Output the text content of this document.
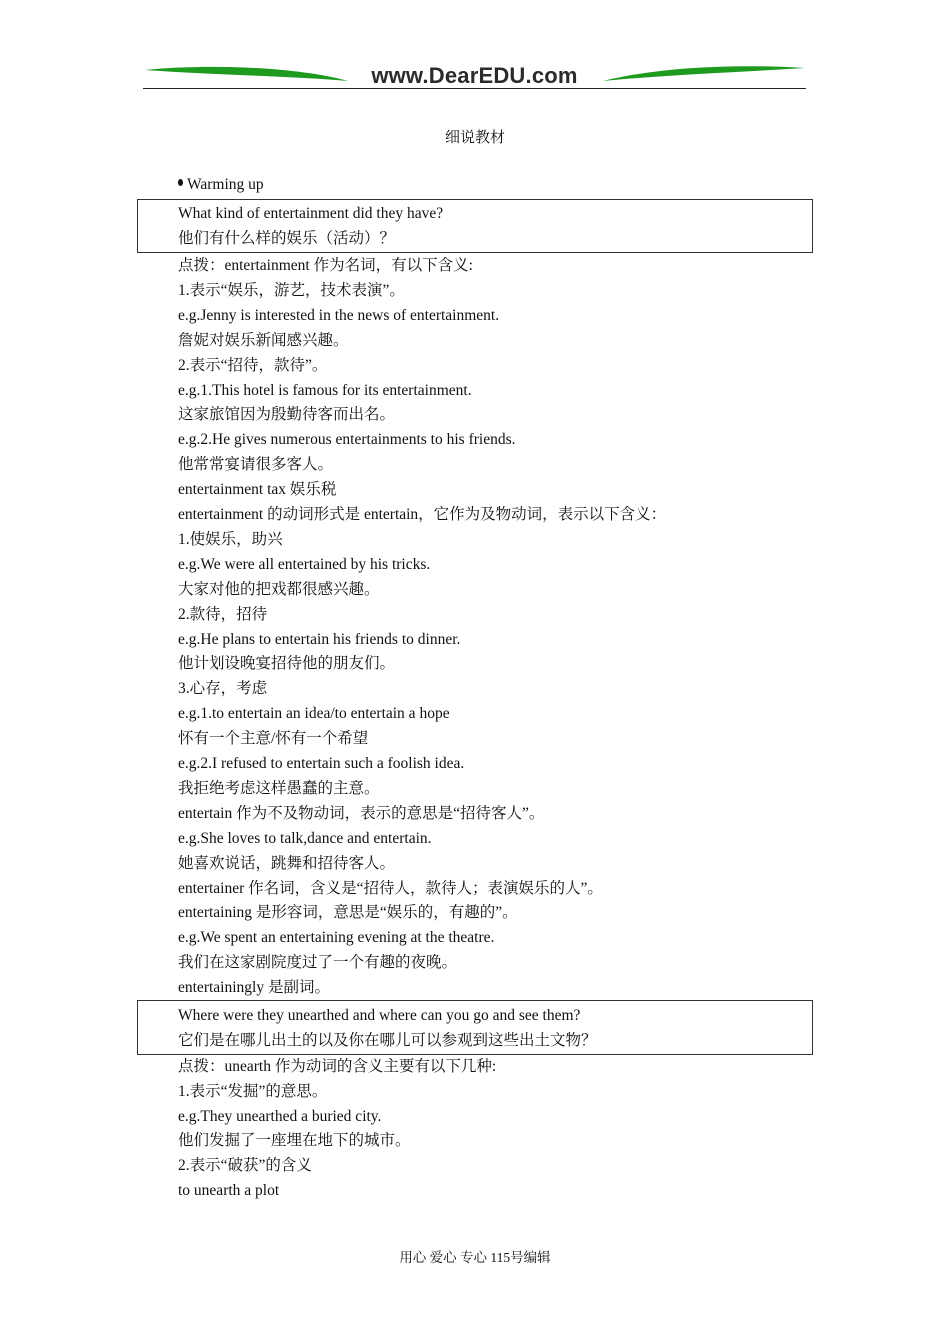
www.DearEDU.com
细说教材
Warming up
What kind of entertainment did they have?
他们有什么样的娱乐（活动）？
点拨：entertainment 作为名词，有以下含义:
1.表示“娱乐，游艺，技术表演”。
e.g.Jenny is interested in the news of entertainment.
詹妮对娱乐新闻感兴趣。
2.表示“招待，款待”。
e.g.1.This hotel is famous for its entertainment.
这家旅馆因为殷勤待客而出名。
e.g.2.He gives numerous entertainments to his friends.
他常常宴请很多客人。
entertainment tax 娱乐税
entertainment 的动词形式是 entertain，它作为及物动词，表示以下含义：
1.使娱乐，助兴
e.g.We were all entertained by his tricks.
大家对他的把戏都很感兴趣。
2.款待，招待
e.g.He plans to entertain his friends to dinner.
他计划设晚宴招待他的朋友们。
3.心存，考虑
e.g.1.to entertain an idea/to entertain a hope
怀有一个主意/怀有一个希望
e.g.2.I refused to entertain such a foolish idea.
我拒绝考虑这样愚蠢的主意。
entertain 作为不及物动词，表示的意思是“招待客人”。
e.g.She loves to talk,dance and entertain.
她喜欢说话，跳舞和招待客人。
entertainer 作名词，含义是“招待人，款待人；表演娱乐的人”。
entertaining 是形容词，意思是“娱乐的，有趣的”。
e.g.We spent an entertaining evening at the theatre.
我们在这家剧院度过了一个有趣的夜晚。
entertainingly 是副词。
Where were they unearthed and where can you go and see them?
它们是在哪儿出土的以及你在哪儿可以参观到这些出土文物？
点拨：unearth 作为动词的含义主要有以下几种:
1.表示“发掘”的意思。
e.g.They unearthed a buried city.
他们发掘了一座埋在地下的城市。
2.表示“破获”的含义
to unearth a plot
用心 爱心 专心 115号编辑
